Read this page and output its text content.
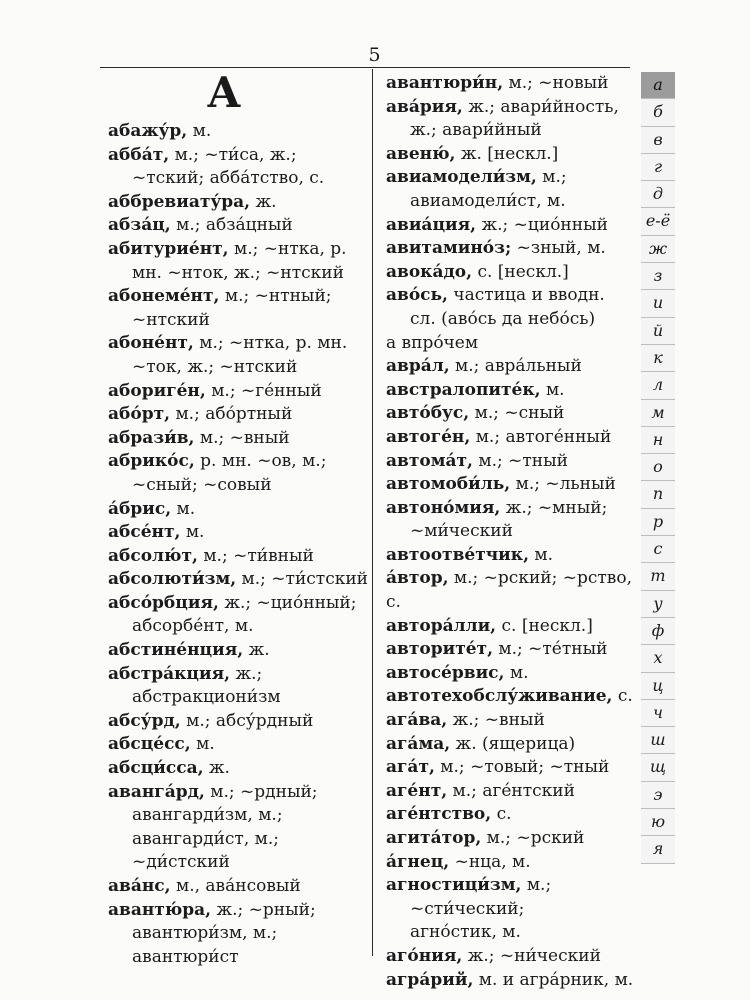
5
А
абажу́р, м.
абба́т, м.; ~ти́са, ж.;
~тский; абба́тство, с.
аббревиату́ра, ж.
абза́ц, м.; абза́цный
абитурие́нт, м.; ~нтка, р.
мн. ~нток, ж.; ~нтский
абонеме́нт, м.; ~нтный;
~нтский
абоне́нт, м.; ~нтка, р. мн.
~ток, ж.; ~нтский
абориге́н, м.; ~ге́нный
або́рт, м.; або́ртный
абрази́в, м.; ~вный
абрико́с, р. мн. ~ов, м.;
~сный; ~совый
а́брис, м.
абсе́нт, м.
абсолю́т, м.; ~ти́вный
абсолюти́зм, м.; ~ти́стский
абсо́рбция, ж.; ~цио́нный;
абсорбе́нт, м.
абстине́нция, ж.
абстра́кция, ж.;
абстракциони́зм
абсу́рд, м.; абсу́рдный
абсце́сс, м.
абсци́сса, ж.
аванга́рд, м.; ~рдный;
авангарди́зм, м.;
авангарди́ст, м.;
~ди́стский
ава́нс, м., ава́нсовый
авантю́ра, ж.; ~рный;
авантюри́зм, м.;
авантюри́ст
авантюри́н, м.; ~новый
ава́рия, ж.; авари́йность,
ж.; авари́йный
авеню́, ж. [нескл.]
авиамодели́зм, м.;
авиамодели́ст, м.
авиа́ция, ж.; ~цио́нный
авитамино́з; ~зный, м.
авока́до, с. [нескл.]
аво́сь, частица и вводн.
сл. (аво́сь да небо́сь)
а впро́чем
авра́л, м.; авра́льный
австралопите́к, м.
авто́бус, м.; ~сный
автоге́н, м.; автоге́нный
автома́т, м.; ~тный
автомоби́ль, м.; ~льный
автоно́мия, ж.; ~мный;
~ми́ческий
автоотве́тчик, м.
а́втор, м.; ~рский; ~рство, с.
автора́лли, с. [нескл.]
авторите́т, м.; ~те́тный
автосе́рвис, м.
автотехобслу́живание, с.
ага́ва, ж.; ~вный
ага́ма, ж. (ящерица)
ага́т, м.; ~товый; ~тный
аге́нт, м.; аге́нтский
аге́нтство, с.
агита́тор, м.; ~рский
а́гнец, ~нца, м.
агностици́зм, м.;
~сти́ческий;
агно́стик, м.
аго́ния, ж.; ~ни́ческий
агра́рий, м. и агра́рник, м.
а
б
в
г
д
е-ё
ж
з
и
й
к
л
м
н
о
п
р
с
т
у
ф
х
ц
ч
ш
щ
э
ю
я
